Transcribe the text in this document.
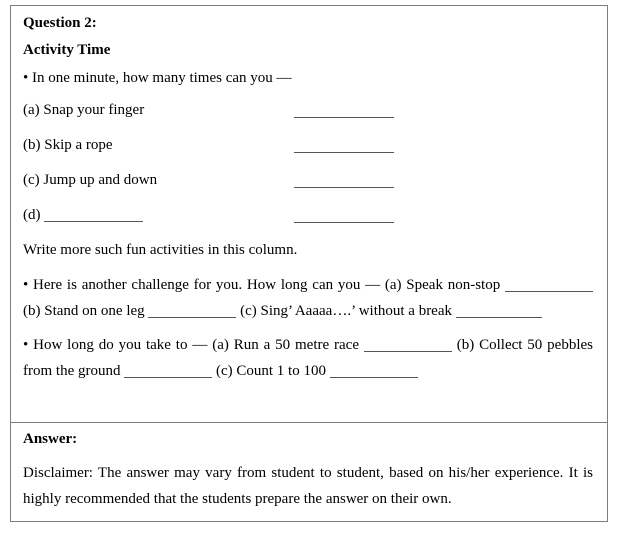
Question 2:
Activity Time
• In one minute, how many times can you —
(a) Snap your finger
(b) Skip a rope
(c) Jump up and down
(d)
Write more such fun activities in this column.
• Here is another challenge for you. How long can you — (a) Speak non-stop  (b) Stand on one leg	(c) Sing’ Aaaaa….’ without a break
• How long do you take to — (a) Run a 50 metre race	(b) Collect 50 pebbles from the ground	(c) Count 1 to 100
Answer:
Disclaimer: The answer may vary from student to student, based on his/her experience. It is highly recommended that the students prepare the answer on their own.
